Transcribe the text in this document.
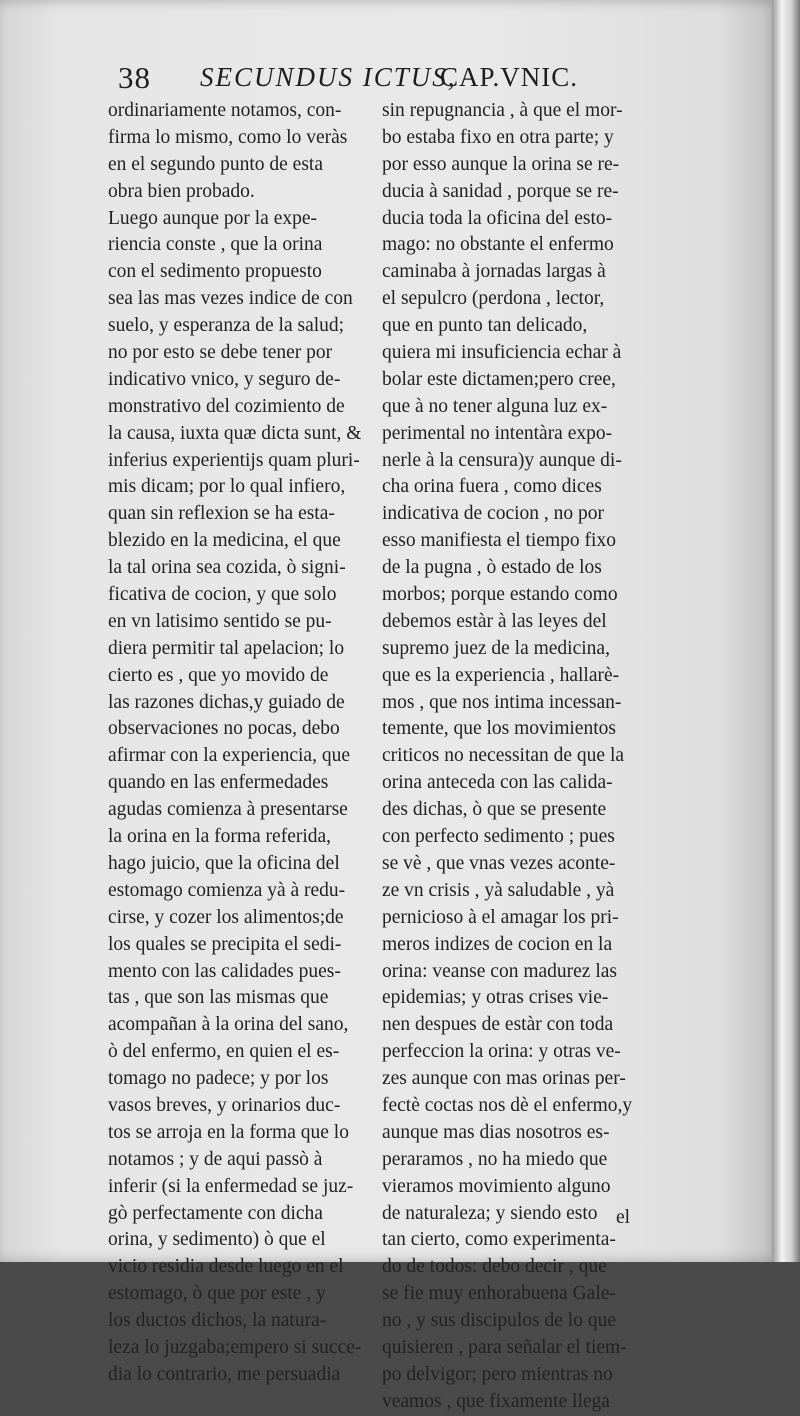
38 SECUNDUS ICTUS,
CAP.VNIC.
ordinariamente notamos, con-
firma lo mismo, como lo veràs
en el segundo punto de esta
obra bien probado.
Luego aunque por la expe-
riencia conste , que la orina
con el sedimento propuesto
sea las mas vezes indice de con
suelo, y esperanza de la salud;
no por esto se debe tener por
indicativo vnico, y seguro de-
monstrativo del cozimiento de
la causa, iuxta quæ dicta sunt, &
inferius experientijs quam pluri-
mis dicam; por lo qual infiero,
quan sin reflexion se ha esta-
blezido en la medicina, el que
la tal orina sea cozida, ò signi-
ficativa de cocion, y que solo
en vn latisimo sentido se pu-
diera permitir tal apelacion; lo
cierto es , que yo movido de
las razones dichas,y guiado de
observaciones no pocas, debo
afirmar con la experiencia, que
quando en las enfermedades
agudas comienza à presentarse
la orina en la forma referida,
hago juicio, que la oficina del
estomago comienza yà à redu-
cirse, y cozer los alimentos;de
los quales se precipita el sedi-
mento con las calidades pues-
tas , que son las mismas que
acompañan à la orina del sano,
ò del enfermo, en quien el es-
tomago no padece; y por los
vasos breves, y orinarios duc-
tos se arroja en la forma que lo
notamos ; y de aqui passò à
inferir (si la enfermedad se juz-
gò perfectamente con dicha
orina, y sedimento) ò que el
vicio residia desde luego en el
estomago, ò que por este , y
los ductos dichos, la natura-
leza lo juzgaba;empero si succe-
dia lo contrario, me persuadia
sin repugnancia , à que el mor-
bo estaba fixo en otra parte; y
por esso aunque la orina se re-
ducia à sanidad , porque se re-
ducia toda la oficina del esto-
mago: no obstante el enfermo
caminaba à jornadas largas à
el sepulcro (perdona , lector,
que en punto tan delicado,
quiera mi insuficiencia echar à
bolar este dictamen;pero cree,
que à no tener alguna luz ex-
perimental no intentàra expo-
nerle à la censura)y aunque di-
cha orina fuera , como dices
indicativa de cocion , no por
esso manifiesta el tiempo fixo
de la pugna , ò estado de los
morbos; porque estando como
debemos estàr à las leyes del
supremo juez de la medicina,
que es la experiencia , hallarè-
mos , que nos intima incessan-
temente, que los movimientos
criticos no necessitan de que la
orina anteceda con las calida-
des dichas, ò que se presente
con perfecto sedimento ; pues
se vè , que vnas vezes aconte-
ze vn crisis , yà saludable , yà
pernicioso à el amagar los pri-
meros indizes de cocion en la
orina: veanse con madurez las
epidemias; y otras crises vie-
nen despues de estàr con toda
perfeccion la orina: y otras ve-
zes aunque con mas orinas per-
fectè coctas nos dè el enfermo,y
aunque mas dias nosotros es-
peraramos , no ha miedo que
vieramos movimiento alguno
de naturaleza; y siendo esto
tan cierto, como experimenta-
do de todos: debo decir , que
se fie muy enhorabuena Gale-
no , y sus discipulos de lo que
quisieren , para señalar el tiem-
po delvigor; pero mientras no
veamos , que fixamente llega
el
